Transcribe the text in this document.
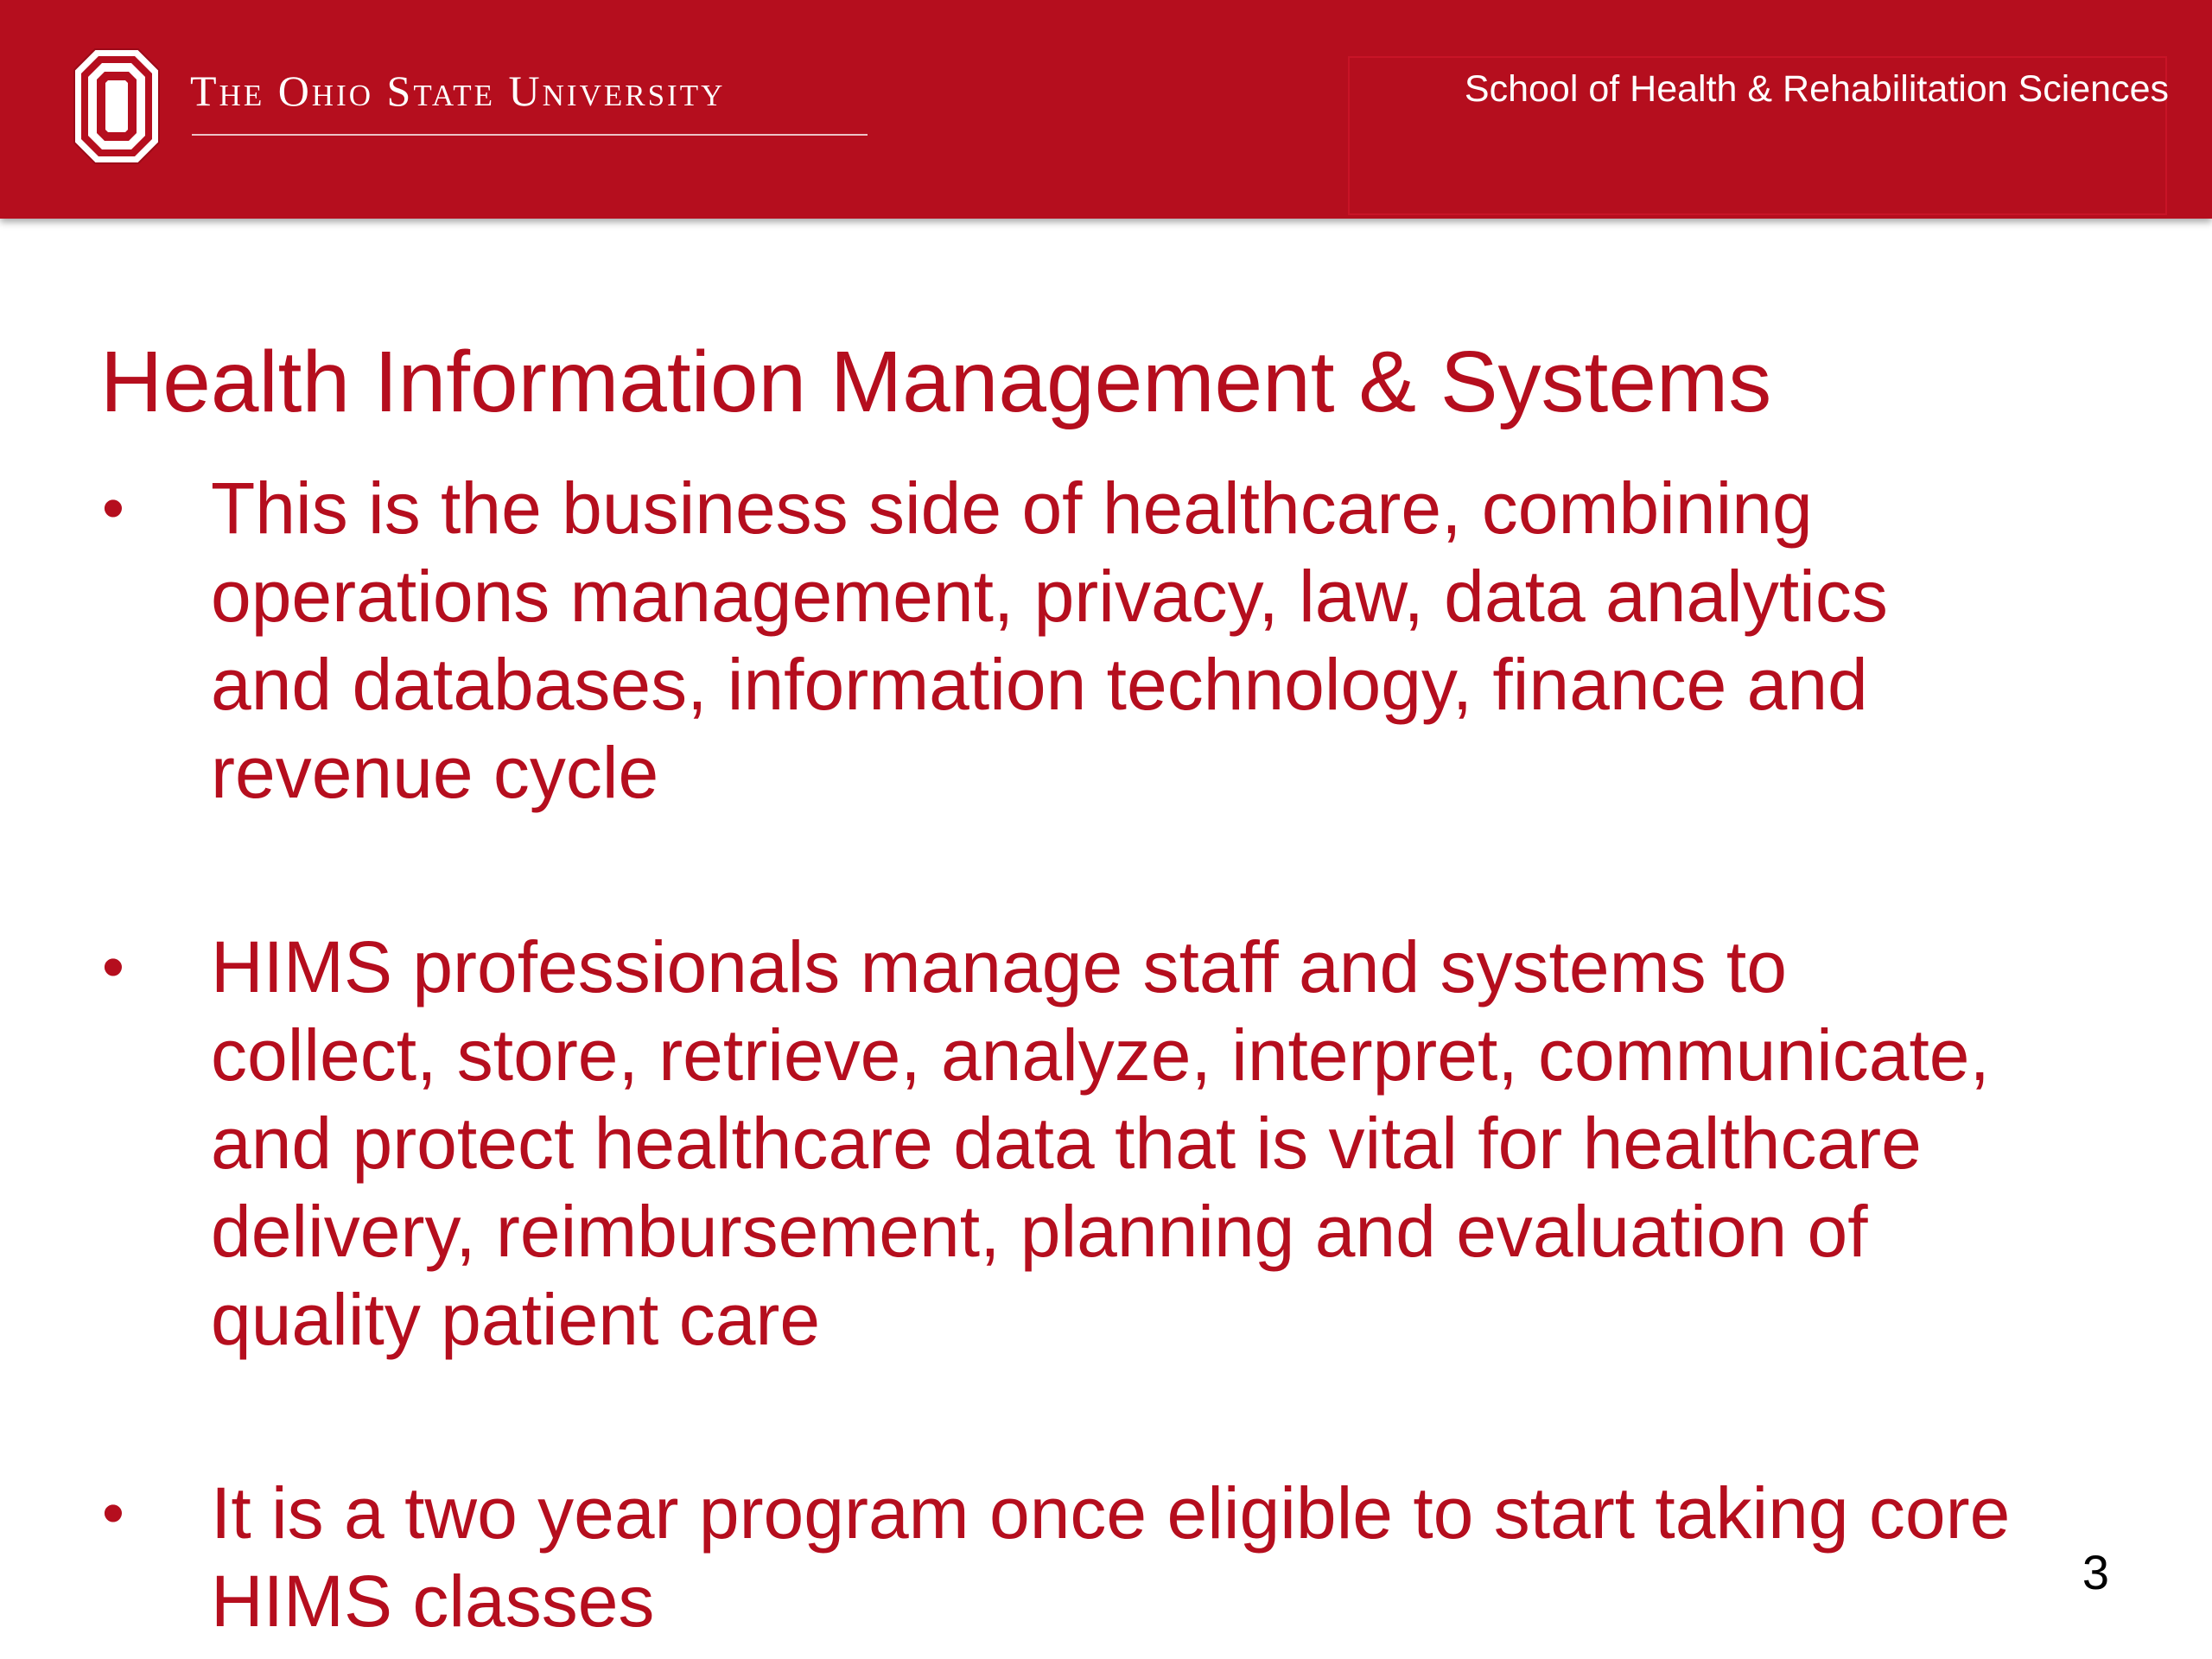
The Ohio State University	School of Health & Rehabilitation Sciences
Health Information Management & Systems
• This is the business side of healthcare, combining
operations management, privacy, law, data analytics
and databases, information technology, finance and
revenue cycle

• HIMS professionals manage staff and systems to
collect, store, retrieve, analyze, interpret, communicate,
and protect healthcare data that is vital for healthcare
delivery, reimbursement, planning and evaluation of
quality patient care

• It is a two year program once eligible to start taking core
HIMS classes	3
